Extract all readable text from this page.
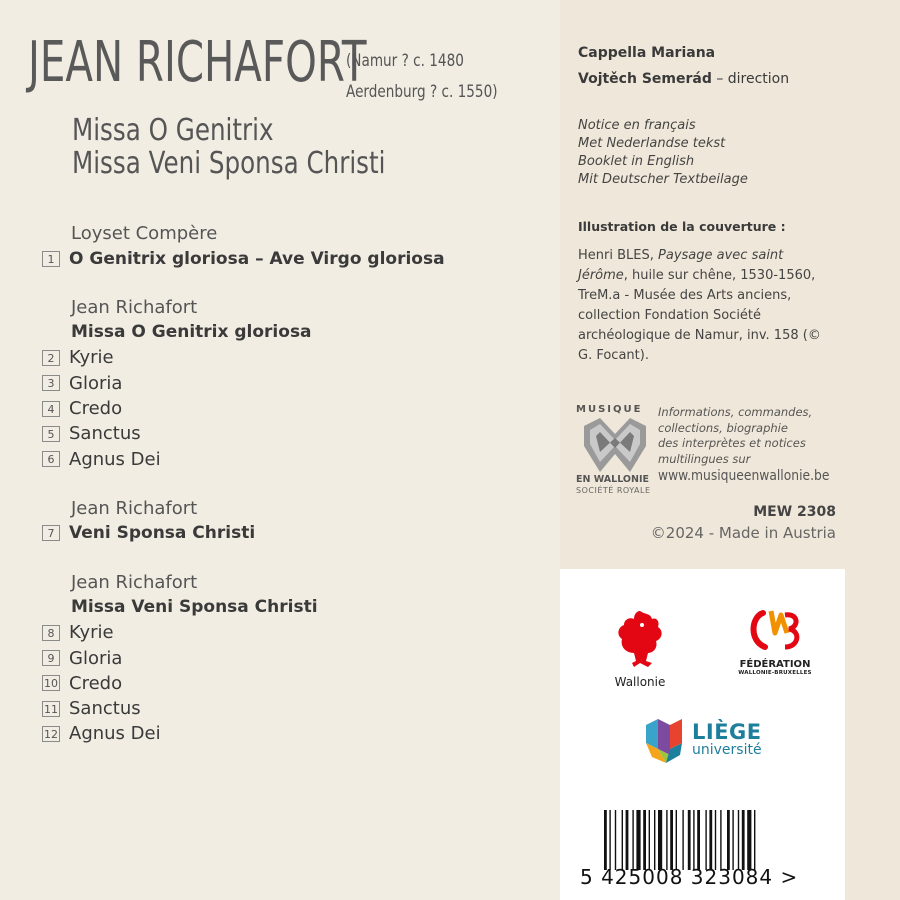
JEAN RICHAFORT
(Namur ? c. 1480
Aerdenburg ? c. 1550)
Missa O Genitrix
Missa Veni Sponsa Christi
Loyset Compère
1 O Genitrix gloriosa – Ave Virgo gloriosa
Jean Richafort
Missa O Genitrix gloriosa
2 Kyrie
3 Gloria
4 Credo
5 Sanctus
6 Agnus Dei
Jean Richafort
7 Veni Sponsa Christi
Jean Richafort
Missa Veni Sponsa Christi
8 Kyrie
9 Gloria
10 Credo
11 Sanctus
12 Agnus Dei
Cappella Mariana
Vojtěch Semerád – direction
Notice en français
Met Nederlandse tekst
Booklet in English
Mit Deutscher Textbeilage
Illustration de la couverture :
Henri BLES, Paysage avec saint Jérôme, huile sur chêne, 1530-1560, TreM.a - Musée des Arts anciens, collection Fondation Société archéologique de Namur, inv. 158 (© G. Focant).
MUSIQUE
EN WALLONIE
SOCIÉTÉ ROYALE
Informations, commandes,
collections, biographie
des interprètes et notices
multilingues sur
www.musiqueenwallonie.be
MEW 2308
©2024 - Made in Austria
Wallonie
FÉDÉRATION
WALLONIE-BRUXELLES
LIÈGE
université
5 425008 323084 >
